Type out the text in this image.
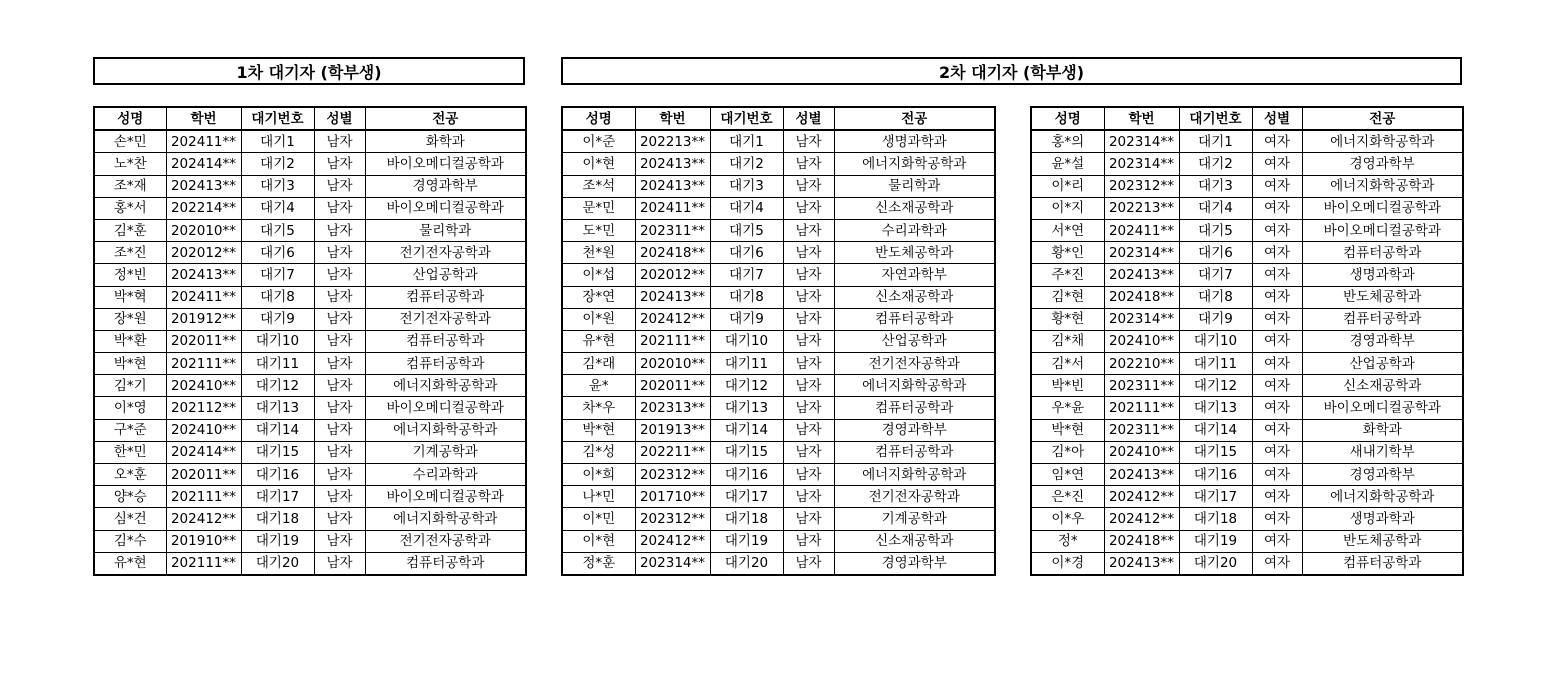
1차 대기자 (학부생)	2차 대기자 (학부생)
성명	학번	대기번호	성별	전공
손*민	202411**	대기1	남자	화학과
노*찬	202414**	대기2	남자	바이오메디컬공학과
조*재	202413**	대기3	남자	경영과학부
홍*서	202214**	대기4	남자	바이오메디컬공학과
김*훈	202010**	대기5	남자	물리학과
조*진	202012**	대기6	남자	전기전자공학과
정*빈	202413**	대기7	남자	산업공학과
박*혁	202411**	대기8	남자	컴퓨터공학과
장*원	201912**	대기9	남자	전기전자공학과
박*환	202011**	대기10	남자	컴퓨터공학과
박*현	202111**	대기11	남자	컴퓨터공학과
김*기	202410**	대기12	남자	에너지화학공학과
이*영	202112**	대기13	남자	바이오메디컬공학과
구*준	202410**	대기14	남자	에너지화학공학과
한*민	202414**	대기15	남자	기계공학과
오*훈	202011**	대기16	남자	수리과학과
양*승	202111**	대기17	남자	바이오메디컬공학과
심*건	202412**	대기18	남자	에너지화학공학과
김*수	201910**	대기19	남자	전기전자공학과
유*현	202111**	대기20	남자	컴퓨터공학과
성명	학번	대기번호	성별	전공
이*준	202213**	대기1	남자	생명과학과
이*현	202413**	대기2	남자	에너지화학공학과
조*석	202413**	대기3	남자	물리학과
문*민	202411**	대기4	남자	신소재공학과
도*민	202311**	대기5	남자	수리과학과
천*원	202418**	대기6	남자	반도체공학과
이*섭	202012**	대기7	남자	자연과학부
장*연	202413**	대기8	남자	신소재공학과
이*원	202412**	대기9	남자	컴퓨터공학과
유*현	202111**	대기10	남자	산업공학과
김*래	202010**	대기11	남자	전기전자공학과
윤*	202011**	대기12	남자	에너지화학공학과
차*우	202313**	대기13	남자	컴퓨터공학과
박*현	201913**	대기14	남자	경영과학부
김*성	202211**	대기15	남자	컴퓨터공학과
이*희	202312**	대기16	남자	에너지화학공학과
나*민	201710**	대기17	남자	전기전자공학과
이*민	202312**	대기18	남자	기계공학과
이*현	202412**	대기19	남자	신소재공학과
정*훈	202314**	대기20	남자	경영과학부
성명	학번	대기번호	성별	전공
홍*의	202314**	대기1	여자	에너지화학공학과
윤*설	202314**	대기2	여자	경영과학부
이*리	202312**	대기3	여자	에너지화학공학과
이*지	202213**	대기4	여자	바이오메디컬공학과
서*연	202411**	대기5	여자	바이오메디컬공학과
황*인	202314**	대기6	여자	컴퓨터공학과
주*진	202413**	대기7	여자	생명과학과
김*현	202418**	대기8	여자	반도체공학과
황*현	202314**	대기9	여자	컴퓨터공학과
김*채	202410**	대기10	여자	경영과학부
김*서	202210**	대기11	여자	산업공학과
박*빈	202311**	대기12	여자	신소재공학과
우*윤	202111**	대기13	여자	바이오메디컬공학과
박*현	202311**	대기14	여자	화학과
김*아	202410**	대기15	여자	새내기학부
임*연	202413**	대기16	여자	경영과학부
은*진	202412**	대기17	여자	에너지화학공학과
이*우	202412**	대기18	여자	생명과학과
정*	202418**	대기19	여자	반도체공학과
이*경	202413**	대기20	여자	컴퓨터공학과
